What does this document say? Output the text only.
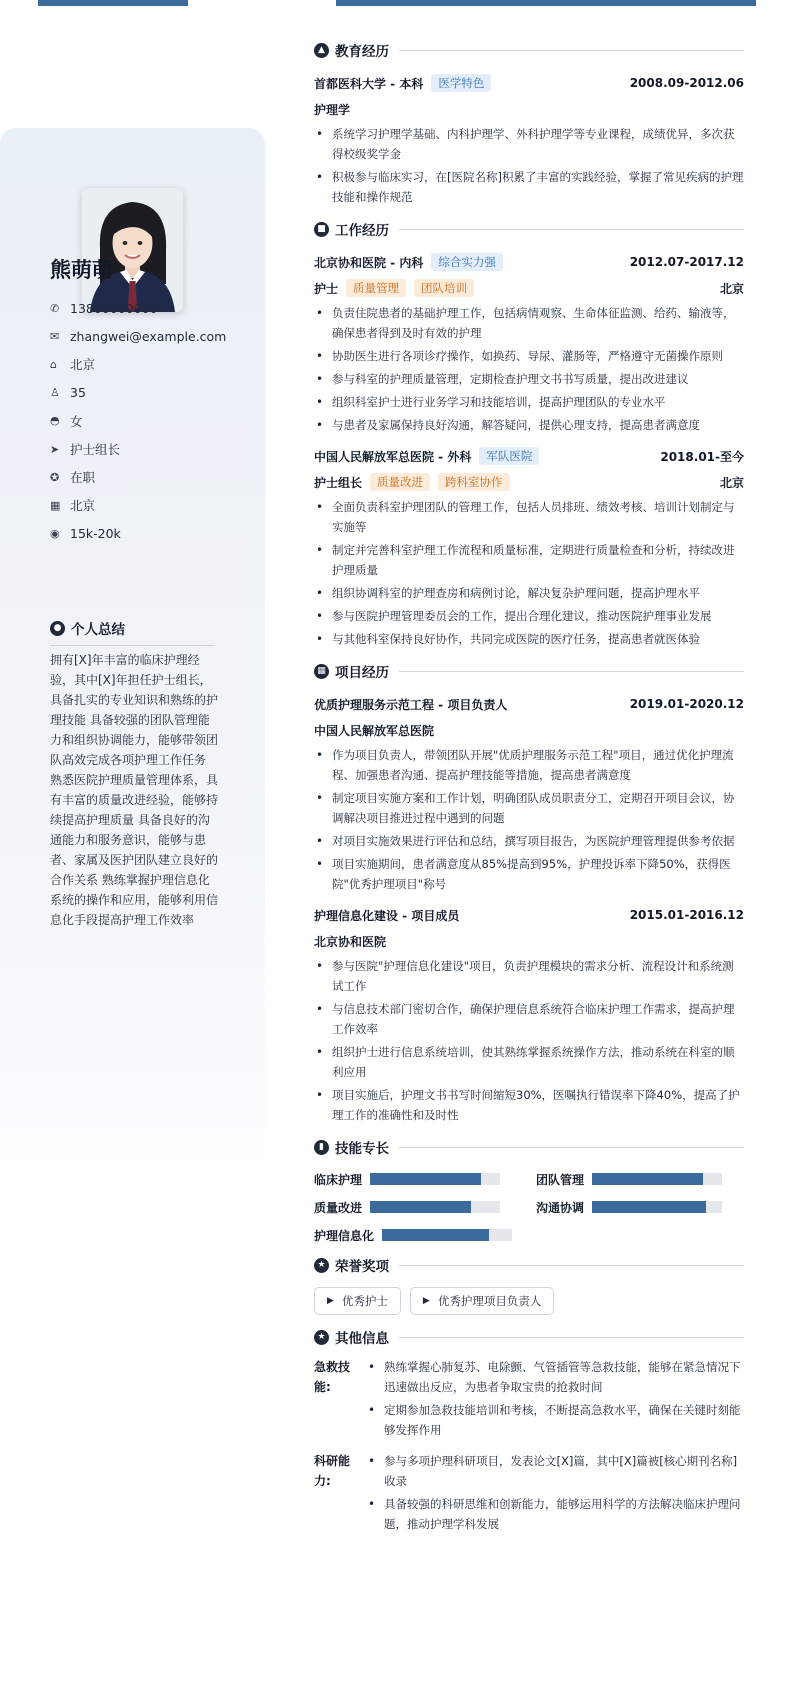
熊萌萌
✆ 13800000000
✉ zhangwei@example.com
⌂	北京
♙ 35
◓ 女
➤ 护士组长
✪ 在职
▦ 北京
◉ 15k-20k
● 个人总结
拥有[X]年丰富的临床护理经验，其中[X]年担任护士组长，具备扎实的专业知识和熟练的护理技能 具备较强的团队管理能力和组织协调能力，能够带领团队高效完成各项护理工作任务 熟悉医院护理质量管理体系，具有丰富的质量改进经验，能够持续提高护理质量 具备良好的沟通能力和服务意识，能够与患者、家属及医护团队建立良好的合作关系 熟练掌握护理信息化系统的操作和应用，能够利用信息化手段提高护理工作效率
▲ 教育经历
首都医科大学 - 本科	医学特色	2008.09-2012.06
护理学
• 系统学习护理学基础、内科护理学、外科护理学等专业课程，成绩优异，多次获得校级奖学金
• 积极参与临床实习，在[医院名称]积累了丰富的实践经验，掌握了常见疾病的护理技能和操作规范
■ 工作经历
北京协和医院 - 内科	综合实力强	2012.07-2017.12
护士	质量管理	团队培训	北京
• 负责住院患者的基础护理工作，包括病情观察、生命体征监测、给药、输液等，确保患者得到及时有效的护理
• 协助医生进行各项诊疗操作，如换药、导尿、灌肠等，严格遵守无菌操作原则
• 参与科室的护理质量管理，定期检查护理文书书写质量，提出改进建议
• 组织科室护士进行业务学习和技能培训，提高护理团队的专业水平
• 与患者及家属保持良好沟通，解答疑问，提供心理支持，提高患者满意度
中国人民解放军总医院 - 外科	军队医院	2018.01-至今
护士组长	质量改进	跨科室协作	北京
• 全面负责科室护理团队的管理工作，包括人员排班、绩效考核、培训计划制定与实施等
• 制定并完善科室护理工作流程和质量标准，定期进行质量检查和分析，持续改进护理质量
• 组织协调科室的护理查房和病例讨论，解决复杂护理问题，提高护理水平
• 参与医院护理管理委员会的工作，提出合理化建议，推动医院护理事业发展
• 与其他科室保持良好协作，共同完成医院的医疗任务，提高患者就医体验
▦ 项目经历
优质护理服务示范工程 - 项目负责人	2019.01-2020.12
中国人民解放军总医院
• 作为项目负责人，带领团队开展"优质护理服务示范工程"项目，通过优化护理流程、加强患者沟通、提高护理技能等措施，提高患者满意度
• 制定项目实施方案和工作计划，明确团队成员职责分工，定期召开项目会议，协调解决项目推进过程中遇到的问题
• 对项目实施效果进行评估和总结，撰写项目报告，为医院护理管理提供参考依据
• 项目实施期间，患者满意度从85%提高到95%，护理投诉率下降50%，获得医院"优秀护理项目"称号
护理信息化建设 - 项目成员	2015.01-2016.12
北京协和医院
• 参与医院"护理信息化建设"项目，负责护理模块的需求分析、流程设计和系统测试工作
• 与信息技术部门密切合作，确保护理信息系统符合临床护理工作需求，提高护理工作效率
• 组织护士进行信息系统培训，使其熟练掌握系统操作方法，推动系统在科室的顺利应用
• 项目实施后，护理文书书写时间缩短30%，医嘱执行错误率下降40%，提高了护理工作的准确性和及时性
▮ 技能专长
临床护理	团队管理
质量改进	沟通协调
护理信息化
★ 荣誉奖项
▶ 优秀护士	▶ 优秀护理项目负责人
★ 其他信息
急救技能:
• 熟练掌握心肺复苏、电除颤、气管插管等急救技能，能够在紧急情况下迅速做出反应，为患者争取宝贵的抢救时间
• 定期参加急救技能培训和考核，不断提高急救水平，确保在关键时刻能够发挥作用
科研能力:
• 参与多项护理科研项目，发表论文[X]篇，其中[X]篇被[核心期刊名称]收录
• 具备较强的科研思维和创新能力，能够运用科学的方法解决临床护理问题，推动护理学科发展
